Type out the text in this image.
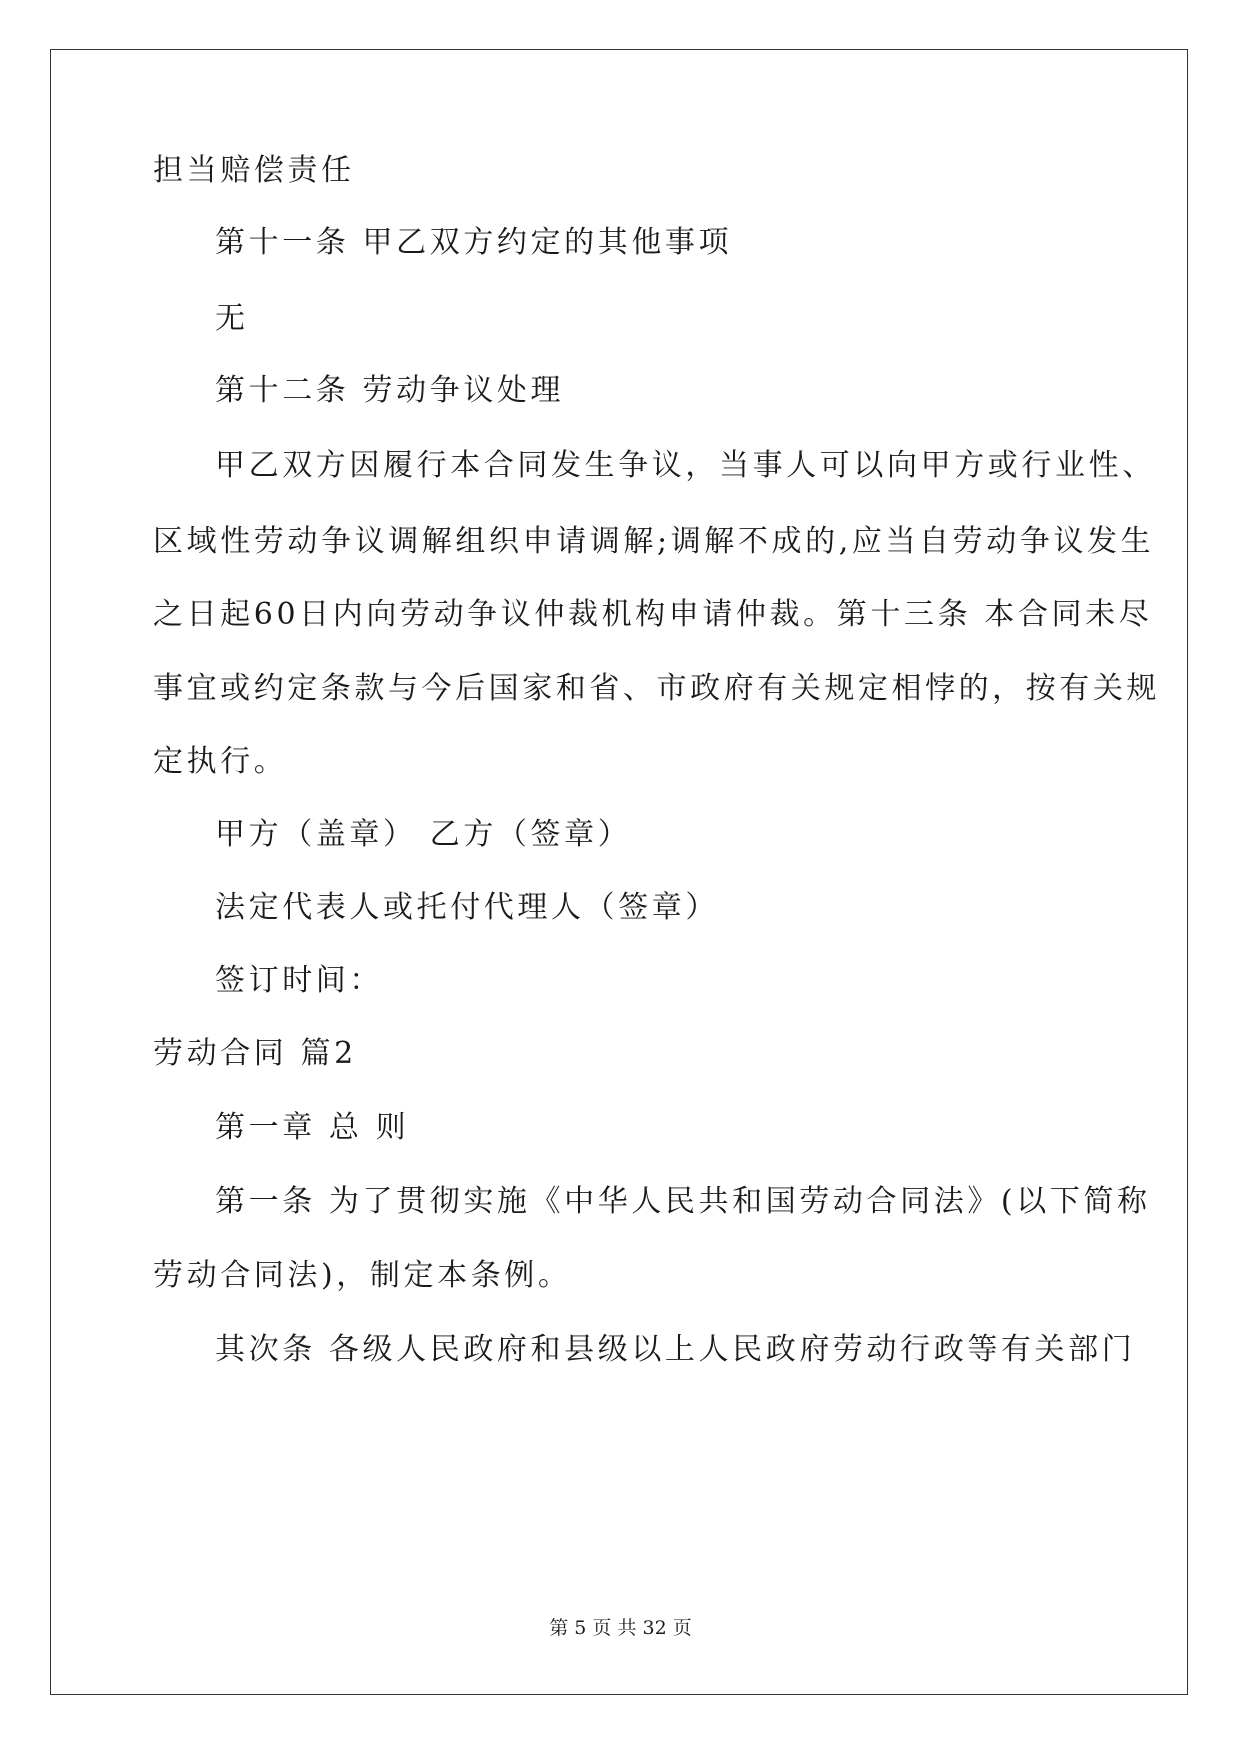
担当赔偿责任
第十一条 甲乙双方约定的其他事项
无
第十二条 劳动争议处理
甲乙双方因履行本合同发生争议，当事人可以向甲方或行业性、
区域性劳动争议调解组织申请调解;调解不成的,应当自劳动争议发生
之日起60日内向劳动争议仲裁机构申请仲裁。第十三条 本合同未尽
事宜或约定条款与今后国家和省、市政府有关规定相悖的，按有关规
定执行。
甲方（盖章） 乙方（签章）
法定代表人或托付代理人（签章）
签订时间：
劳动合同 篇2
第一章 总 则
第一条 为了贯彻实施《中华人民共和国劳动合同法》(以下简称
劳动合同法)，制定本条例。
其次条 各级人民政府和县级以上人民政府劳动行政等有关部门
第 5 页 共 32 页
